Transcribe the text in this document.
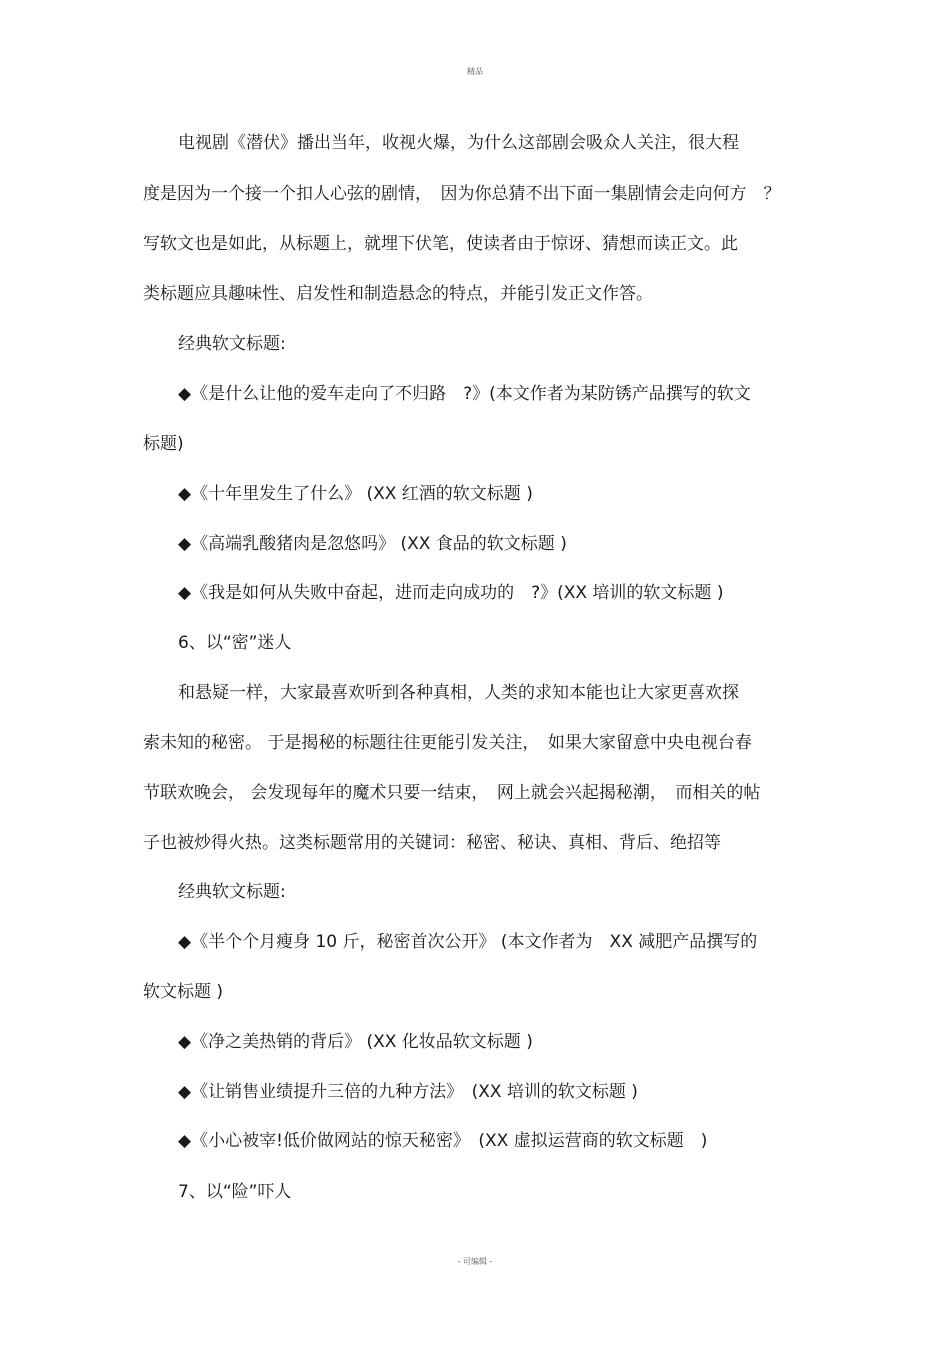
精品
电视剧《潜伏》播出当年，收视火爆，为什么这部剧会吸众人关注，很大程
度是因为一个接一个扣人心弦的剧情，　因为你总猜不出下面一集剧情会走向何方　？
写软文也是如此，从标题上，就埋下伏笔，使读者由于惊讶、猜想而读正文。此
类标题应具趣味性、启发性和制造悬念的特点，并能引发正文作答。
经典软文标题:
◆《是什么让他的爱车走向了不归路　?》(本文作者为某防锈产品撰写的软文
标题)
◆《十年里发生了什么》 (XX 红酒的软文标题 )
◆《高端乳酸猪肉是忽悠吗》 (XX 食品的软文标题 )
◆《我是如何从失败中奋起，进而走向成功的　?》(XX 培训的软文标题 )
6、以“密”迷人
和悬疑一样，大家最喜欢听到各种真相，人类的求知本能也让大家更喜欢探
索未知的秘密。 于是揭秘的标题往往更能引发关注，　如果大家留意中央电视台春
节联欢晚会， 会发现每年的魔术只要一结束，　网上就会兴起揭秘潮，　而相关的帖
子也被炒得火热。这类标题常用的关键词：秘密、秘诀、真相、背后、绝招等
经典软文标题:
◆《半个个月瘦身 10 斤，秘密首次公开》 (本文作者为　XX 减肥产品撰写的
软文标题 )
◆《净之美热销的背后》 (XX 化妆品软文标题 )
◆《让销售业绩提升三倍的九种方法》　(XX 培训的软文标题 )
◆《小心被宰!低价做网站的惊天秘密》　(XX 虚拟运营商的软文标题　)
7、以“险”吓人
- 可编辑 -
